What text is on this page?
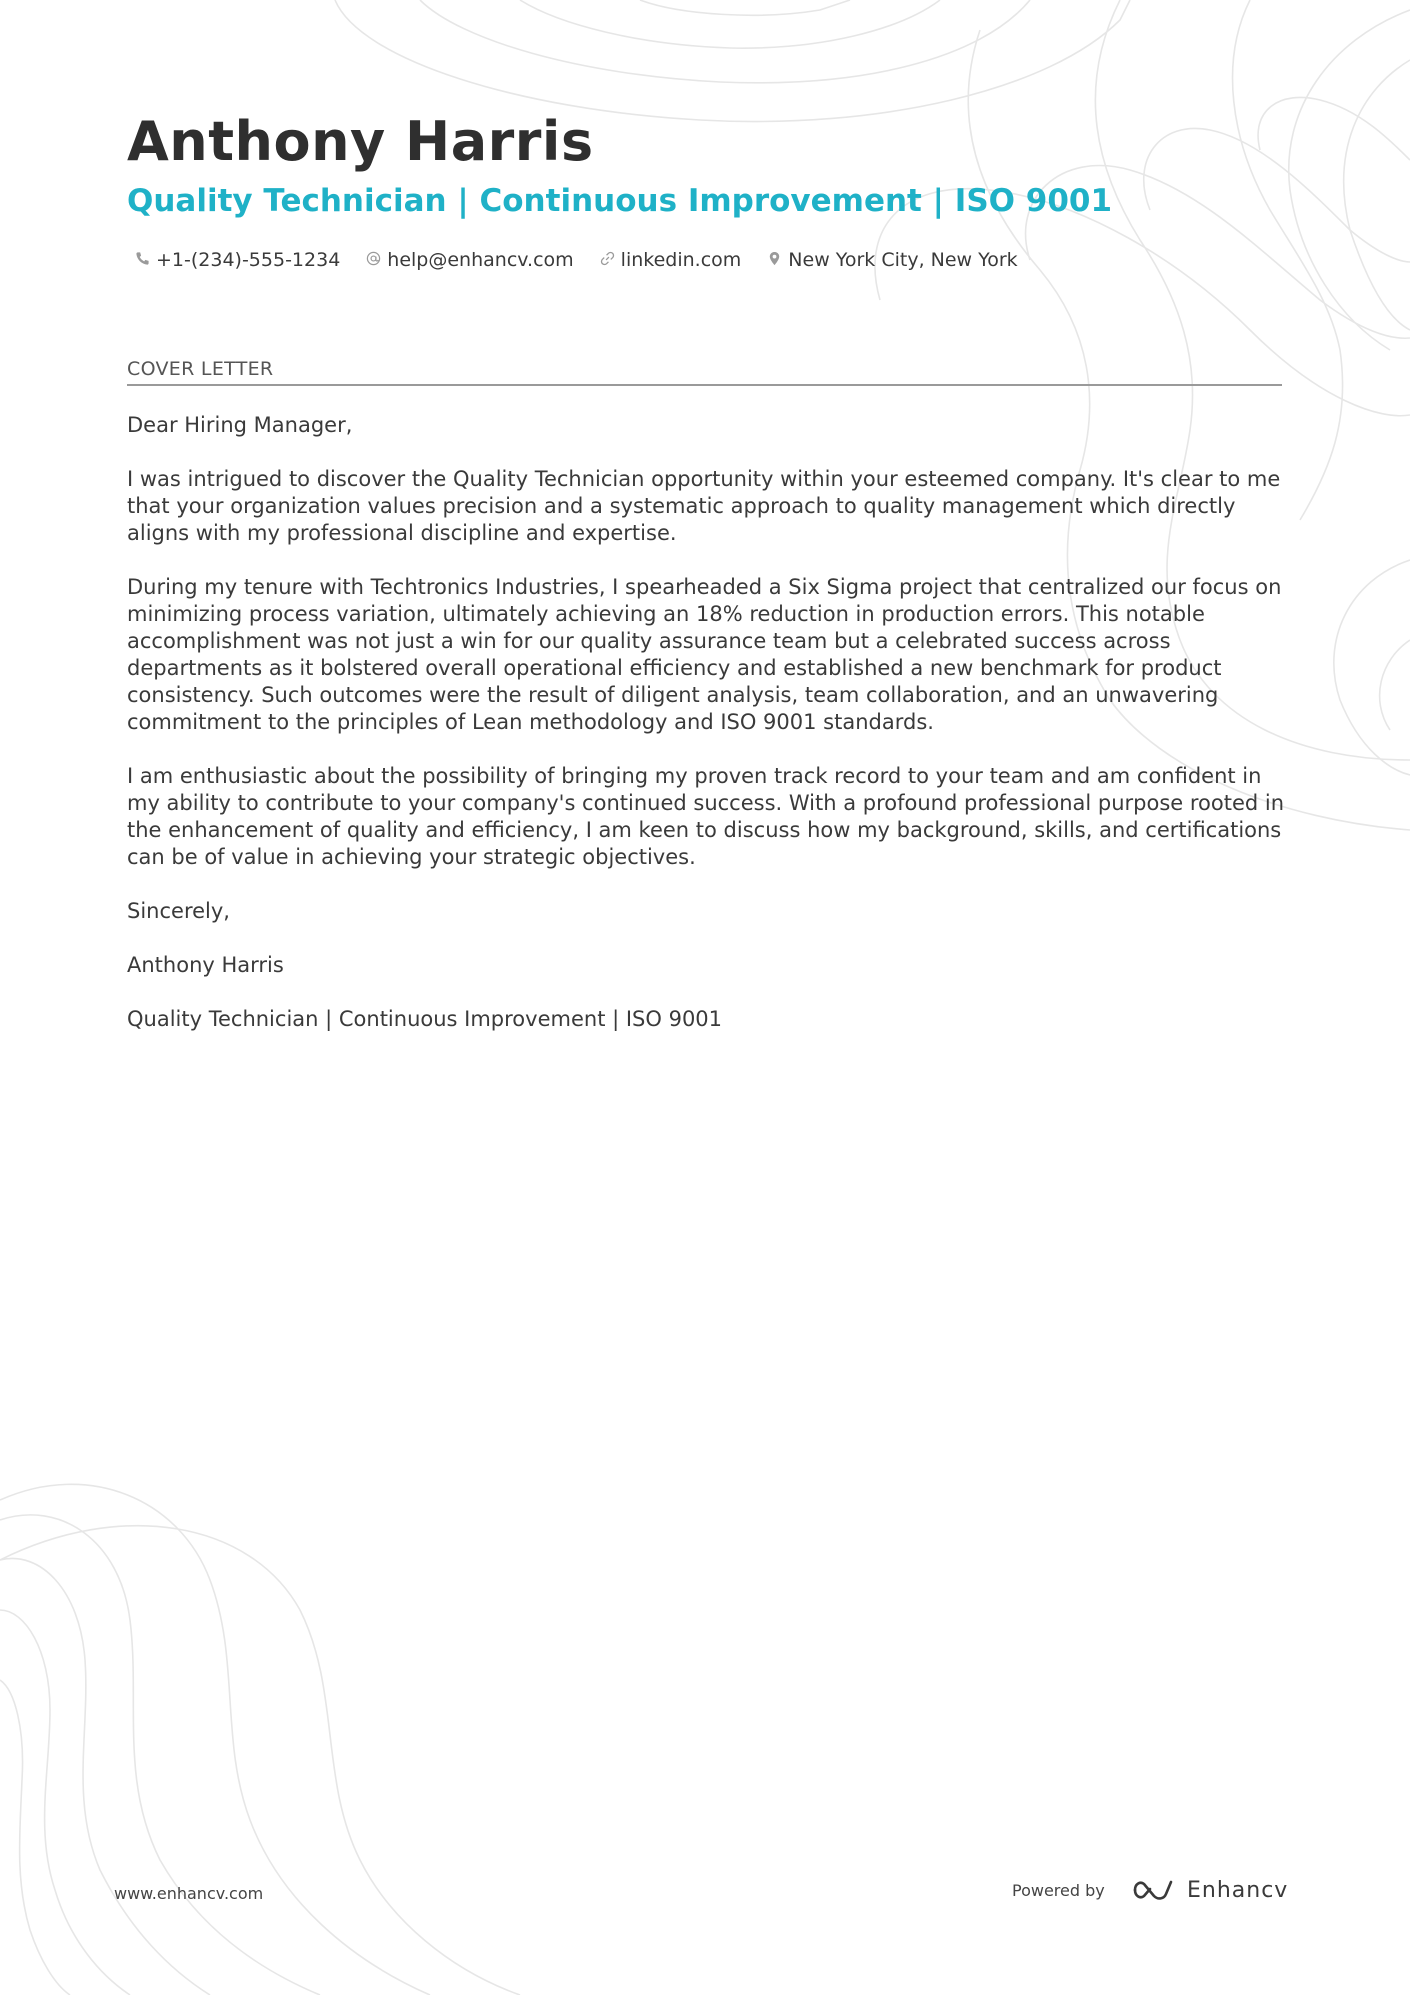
Anthony Harris
Quality Technician | Continuous Improvement | ISO 9001
+1-(234)-555-1234 help@enhancv.com linkedin.com New York City, New York
COVER LETTER

Dear Hiring Manager,

I was intrigued to discover the Quality Technician opportunity within your esteemed company. It's clear to me that your organization values precision and a systematic approach to quality management which directly aligns with my professional discipline and expertise.

During my tenure with Techtronics Industries, I spearheaded a Six Sigma project that centralized our focus on minimizing process variation, ultimately achieving an 18% reduction in production errors. This notable accomplishment was not just a win for our quality assurance team but a celebrated success across departments as it bolstered overall operational efficiency and established a new benchmark for product consistency. Such outcomes were the result of diligent analysis, team collaboration, and an unwavering commitment to the principles of Lean methodology and ISO 9001 standards.

I am enthusiastic about the possibility of bringing my proven track record to your team and am confident in my ability to contribute to your company's continued success. With a profound professional purpose rooted in the enhancement of quality and efficiency, I am keen to discuss how my background, skills, and certifications can be of value in achieving your strategic objectives.

Sincerely,

Anthony Harris

Quality Technician | Continuous Improvement | ISO 9001

www.enhancv.com	Powered by	Enhancv
